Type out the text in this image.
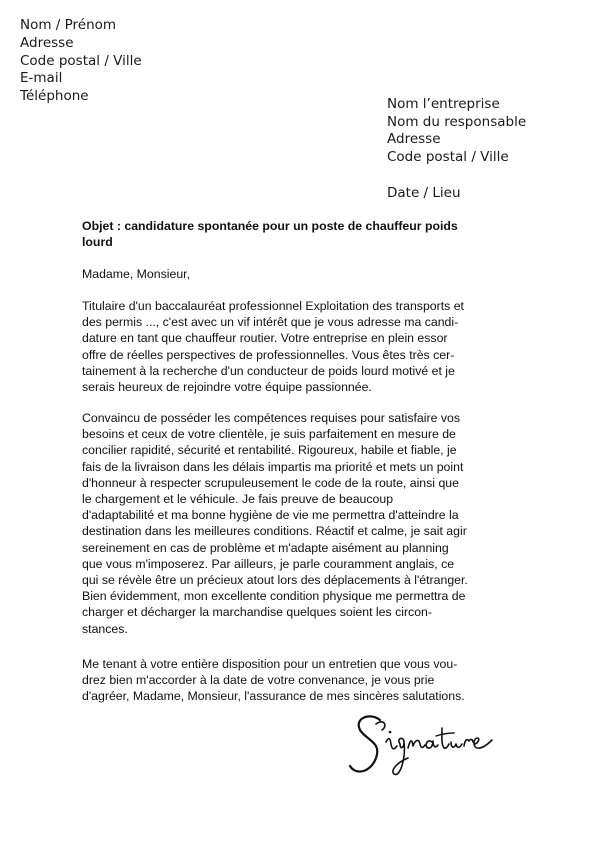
Nom / Prénom
Adresse
Code postal / Ville
E-mail
Téléphone	Nom l’entreprise
Nom du responsable
Adresse
Code postal / Ville
Date / Lieu
Objet : candidature spontanée pour un poste de chauffeur poids
lourd
Madame, Monsieur,
Titulaire d'un baccalauréat professionnel Exploitation des transports et
des permis ..., c'est avec un vif intérêt que je vous adresse ma candi-
dature en tant que chauffeur routier. Votre entreprise en plein essor
offre de réelles perspectives de professionnelles. Vous êtes très cer-
tainement à la recherche d'un conducteur de poids lourd motivé et je
serais heureux de rejoindre votre équipe passionnée.
Convaincu de posséder les compétences requises pour satisfaire vos
besoins et ceux de votre clientèle, je suis parfaitement en mesure de
concilier rapidité, sécurité et rentabilité. Rigoureux, habile et fiable, je
fais de la livraison dans les délais impartis ma priorité et mets un point
d'honneur à respecter scrupuleusement le code de la route, ainsi que
le chargement et le véhicule. Je fais preuve de beaucoup
d'adaptabilité et ma bonne hygiène de vie me permettra d'atteindre la
destination dans les meilleures conditions. Réactif et calme, je sait agir
sereinement en cas de problème et m'adapte aisément au planning
que vous m'imposerez. Par ailleurs, je parle couramment anglais, ce
qui se révèle être un précieux atout lors des déplacements à l'étranger.
Bien évidemment, mon excellente condition physique me permettra de
charger et décharger la marchandise quelques soient les circon-
stances.
Me tenant à votre entière disposition pour un entretien que vous vou-
drez bien m'accorder à la date de votre convenance, je vous prie
d'agréer, Madame, Monsieur, l'assurance de mes sincères salutations.
